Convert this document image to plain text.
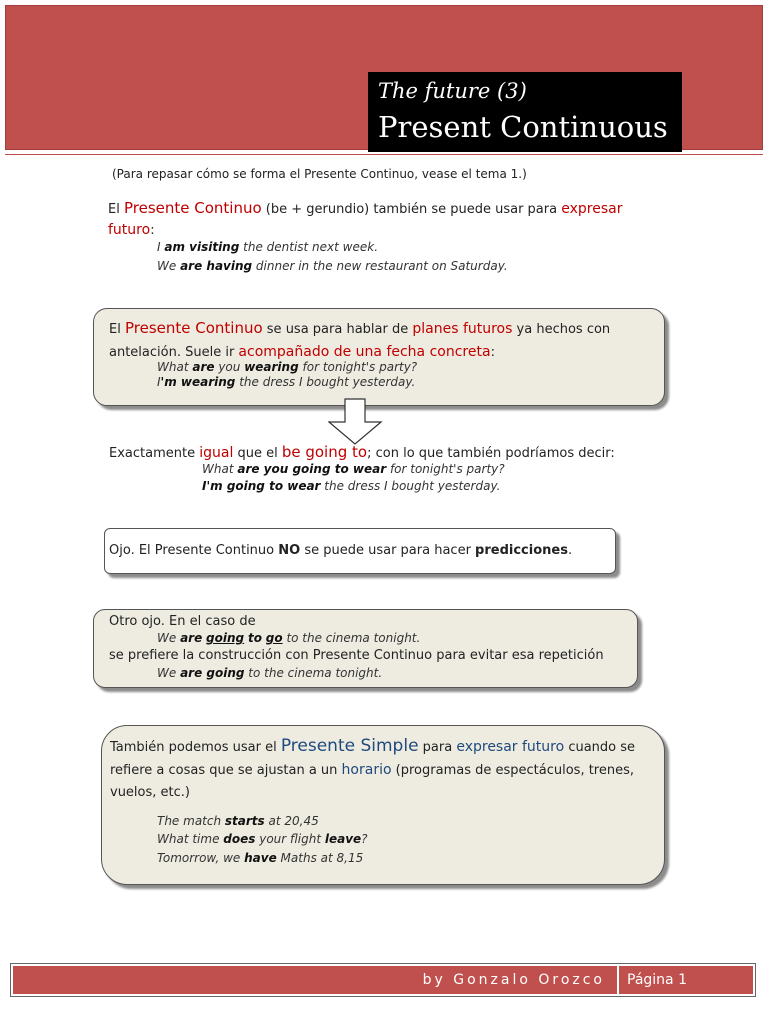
The future (3)
Present Continuous
(Para repasar cómo se forma el Presente Continuo, vease el tema 1.)
El Presente Continuo (be + gerundio) también se puede usar para expresar futuro:
I am visiting the dentist next week.
We are having dinner in the new restaurant on Saturday.
El Presente Continuo se usa para hablar de planes futuros ya hechos con antelación. Suele ir acompañado de una fecha concreta:
What are you wearing for tonight's party?
I'm wearing the dress I bought yesterday.
Exactamente igual que el be going to; con lo que también podríamos decir:
What are you going to wear for tonight's party?
I'm going to wear the dress I bought yesterday.
Ojo. El Presente Continuo NO se puede usar para hacer predicciones.
Otro ojo. En el caso de
We are going to go to the cinema tonight.
se prefiere la construcción con Presente Continuo para evitar esa repetición
We are going to the cinema tonight.
También podemos usar el Presente Simple para expresar futuro cuando se refiere a cosas que se ajustan a un horario (programas de espectáculos, trenes, vuelos, etc.)
The match starts at 20,45
What time does your flight leave?
Tomorrow, we have Maths at 8,15
by Gonzalo Orozco	Página 1
